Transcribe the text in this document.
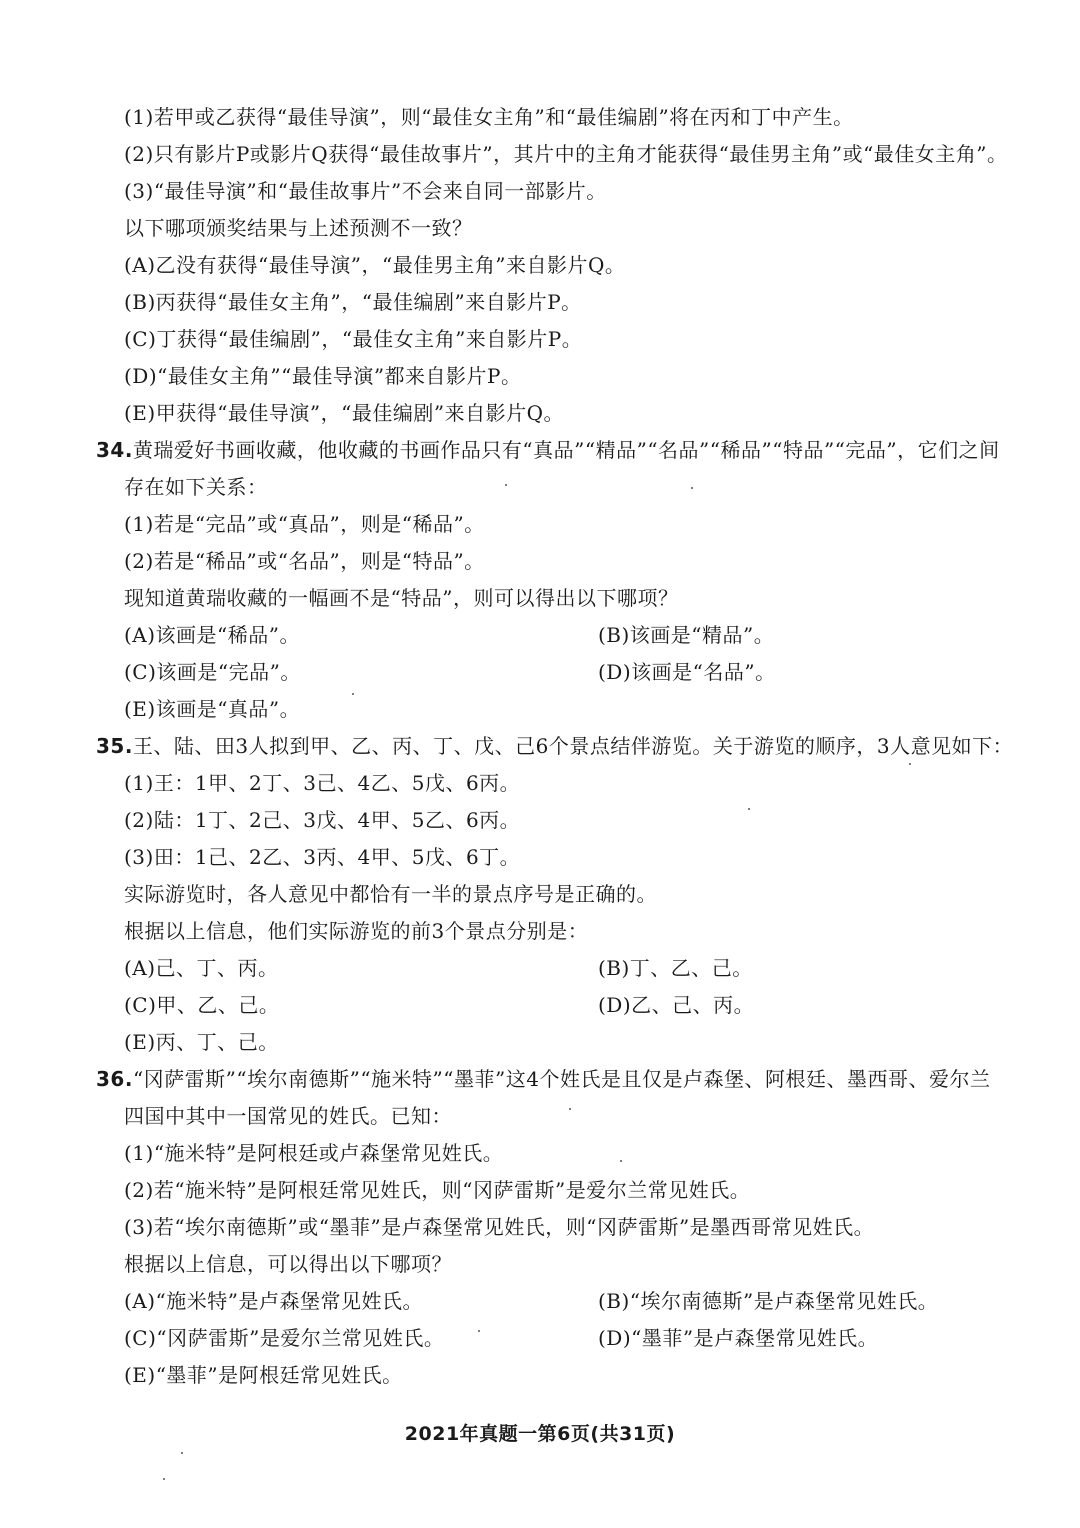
(1)若甲或乙获得“最佳导演”，则“最佳女主角”和“最佳编剧”将在丙和丁中产生。
(2)只有影片P或影片Q获得“最佳故事片”，其片中的主角才能获得“最佳男主角”或“最佳女主角”。
(3)“最佳导演”和“最佳故事片”不会来自同一部影片。
以下哪项颁奖结果与上述预测不一致？
(A)乙没有获得“最佳导演”，“最佳男主角”来自影片Q。
(B)丙获得“最佳女主角”，“最佳编剧”来自影片P。
(C)丁获得“最佳编剧”，“最佳女主角”来自影片P。
(D)“最佳女主角”“最佳导演”都来自影片P。
(E)甲获得“最佳导演”，“最佳编剧”来自影片Q。
34.黄瑞爱好书画收藏，他收藏的书画作品只有“真品”“精品”“名品”“稀品”“特品”“完品”，它们之间
存在如下关系：
(1)若是“完品”或“真品”，则是“稀品”。
(2)若是“稀品”或“名品”，则是“特品”。
现知道黄瑞收藏的一幅画不是“特品”，则可以得出以下哪项？
(A)该画是“稀品”。	(B)该画是“精品”。
(C)该画是“完品”。	(D)该画是“名品”。
(E)该画是“真品”。
35.王、陆、田3人拟到甲、乙、丙、丁、戊、己6个景点结伴游览。关于游览的顺序，3人意见如下：
(1)王：1甲、2丁、3己、4乙、5戊、6丙。
(2)陆：1丁、2己、3戊、4甲、5乙、6丙。
(3)田：1己、2乙、3丙、4甲、5戊、6丁。
实际游览时，各人意见中都恰有一半的景点序号是正确的。
根据以上信息，他们实际游览的前3个景点分别是：
(A)己、丁、丙。	(B)丁、乙、己。
(C)甲、乙、己。	(D)乙、己、丙。
(E)丙、丁、己。
36.“冈萨雷斯”“埃尔南德斯”“施米特”“墨菲”这4个姓氏是且仅是卢森堡、阿根廷、墨西哥、爱尔兰
四国中其中一国常见的姓氏。已知：
(1)“施米特”是阿根廷或卢森堡常见姓氏。
(2)若“施米特”是阿根廷常见姓氏，则“冈萨雷斯”是爱尔兰常见姓氏。
(3)若“埃尔南德斯”或“墨菲”是卢森堡常见姓氏，则“冈萨雷斯”是墨西哥常见姓氏。
根据以上信息，可以得出以下哪项？
(A)“施米特”是卢森堡常见姓氏。	(B)“埃尔南德斯”是卢森堡常见姓氏。
(C)“冈萨雷斯”是爱尔兰常见姓氏。	(D)“墨菲”是卢森堡常见姓氏。
(E)“墨菲”是阿根廷常见姓氏。
2021年真题一第6页(共31页)
